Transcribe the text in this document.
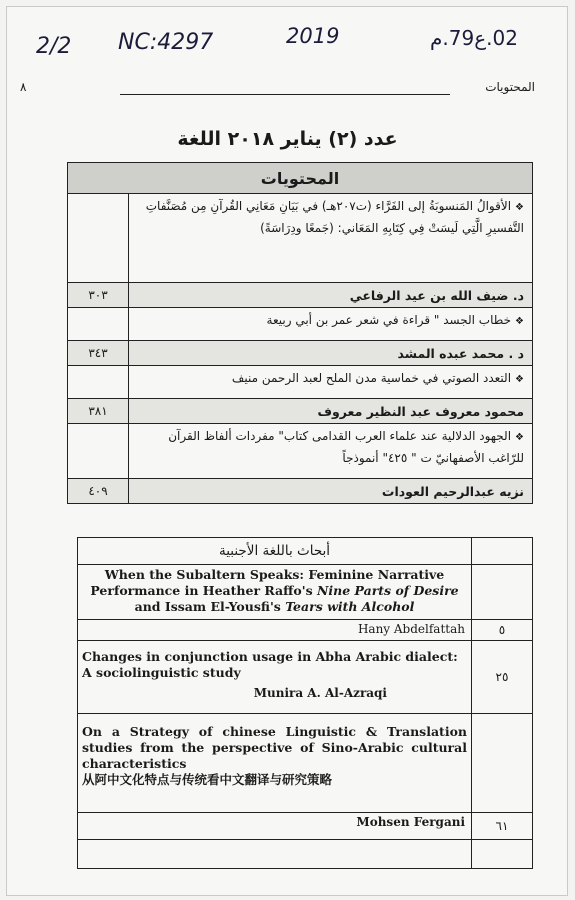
2/2 NC:4297	2019	02.ع79.م
٨	المحتويات
عدد (٢) يناير ٢٠١٨ اللغة
المحتويات	
❖الأقوالُ المَنسوبَةُ إلى الفَرَّاء (ت٢٠٧هـ) في بَيَانِ مَعَانِي القُرآنِ مِن مُصَنَّفاتِ التَّفسيرِ الَّتِي لَيسَتْ فِي كِتَابِهِ المَعَاني: (جَمعًا ودِرَاسَةً)	
د. ضيف الله بن عيد الرفاعي	٣٠٣
❖خطاب الجسد " قراءة في شعر عمر بن أبي ربيعة	
د . محمد عبده المشد	٣٤٣
❖التعدد الصوتي في خماسية مدن الملح لعبد الرحمن منيف	
محمود معروف عبد النظير معروف	٣٨١
❖الجهود الدلالية عند علماء العرب القدامى كتاب" مفردات ألفاظ القرآن للرّاغب الأصفهانيّ ت " ٤٢٥" أنموذجاً	
نزيه عبدالرحيم العودات	٤٠٩
أبحاث باللغة الأجنبية	
When the Subaltern Speaks: Feminine Narrative Performance in Heather Raffo's Nine Parts of Desire and Issam El-Yousfi's Tears with Alcohol	
Hany Abdelfattah	٥
Changes in conjunction usage in Abha Arabic dialect: A sociolinguistic study
Munira A. Al-Azraqi	٢٥
On a Strategy of chinese Linguistic & Translation studies from the perspective of Sino-Arabic cultural characteristics
从阿中文化特点与传统看中文翻译与研究策略	

Mohsen Fergani	٦١
